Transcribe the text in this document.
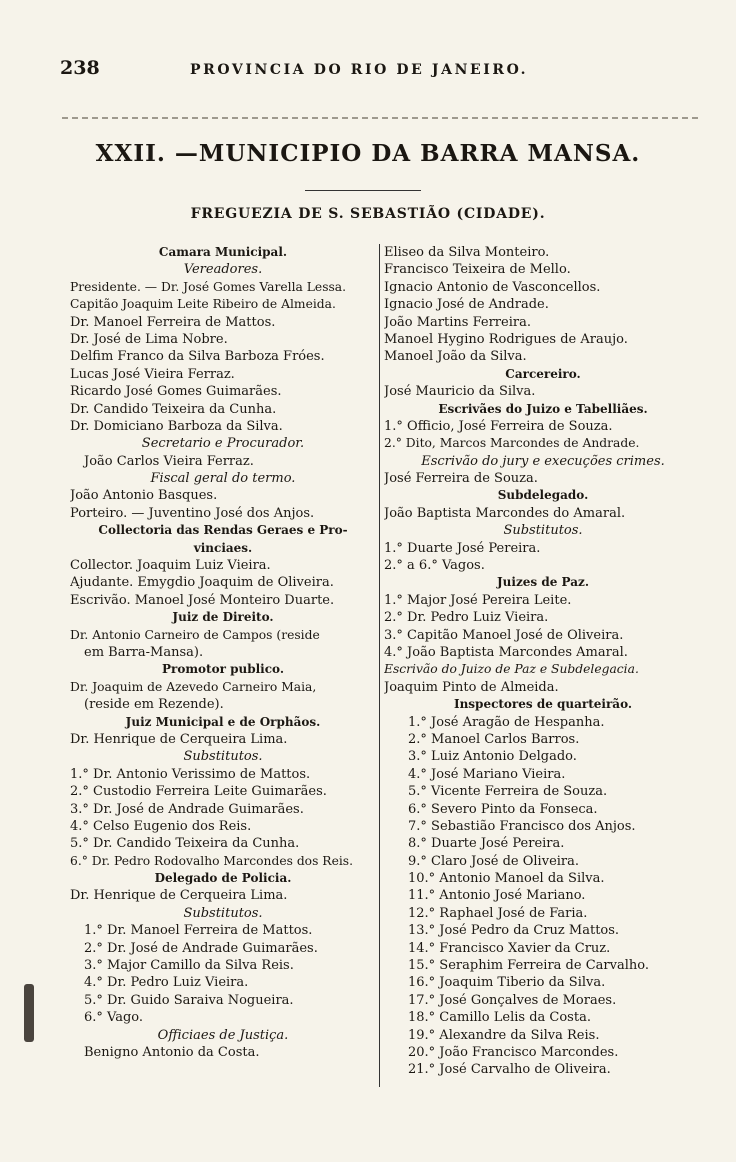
238	PROVINCIA DO RIO DE JANEIRO.
XXII. —MUNICIPIO DA BARRA MANSA.
FREGUEZIA DE S. SEBASTIÃO (CIDADE).
Camara Municipal.
Vereadores.
Presidente. — Dr. José Gomes Varella Lessa.
Capitão Joaquim Leite Ribeiro de Almeida.
Dr. Manoel Ferreira de Mattos.
Dr. José de Lima Nobre.
Delfim Franco da Silva Barboza Fróes.
Lucas José Vieira Ferraz.
Ricardo José Gomes Guimarães.
Dr. Candido Teixeira da Cunha.
Dr. Domiciano Barboza da Silva.
Secretario e Procurador.
João Carlos Vieira Ferraz.
Fiscal geral do termo.
João Antonio Basques.
Porteiro. — Juventino José dos Anjos.
Collectoria das Rendas Geraes e Pro-
vinciaes.
Collector. Joaquim Luiz Vieira.
Ajudante. Emygdio Joaquim de Oliveira.
Escrivão. Manoel José Monteiro Duarte.
Juiz de Direito.
Dr. Antonio Carneiro de Campos (reside
em Barra-Mansa).
Promotor publico.
Dr. Joaquim de Azevedo Carneiro Maia,
(reside em Rezende).
Juiz Municipal e de Orphãos.
Dr. Henrique de Cerqueira Lima.
Substitutos.
1.° Dr. Antonio Verissimo de Mattos.
2.° Custodio Ferreira Leite Guimarães.
3.° Dr. José de Andrade Guimarães.
4.° Celso Eugenio dos Reis.
5.° Dr. Candido Teixeira da Cunha.
6.° Dr. Pedro Rodovalho Marcondes dos Reis.
Delegado de Policia.
Dr. Henrique de Cerqueira Lima.
Substitutos.
1.° Dr. Manoel Ferreira de Mattos.
2.° Dr. José de Andrade Guimarães.
3.° Major Camillo da Silva Reis.
4.° Dr. Pedro Luiz Vieira.
5.° Dr. Guido Saraiva Nogueira.
6.° Vago.
Officiaes de Justiça.
Benigno Antonio da Costa.
Eliseo da Silva Monteiro.
Francisco Teixeira de Mello.
Ignacio Antonio de Vasconcellos.
Ignacio José de Andrade.
João Martins Ferreira.
Manoel Hygino Rodrigues de Araujo.
Manoel João da Silva.
Carcereiro.
José Mauricio da Silva.
Escrivães do Juizo e Tabelliães.
1.° Officio, José Ferreira de Souza.
2.° Dito, Marcos Marcondes de Andrade.
Escrivão do jury e execuções crimes.
José Ferreira de Souza.
Subdelegado.
João Baptista Marcondes do Amaral.
Substitutos.
1.° Duarte José Pereira.
2.° a 6.° Vagos.
Juizes de Paz.
1.° Major José Pereira Leite.
2.° Dr. Pedro Luiz Vieira.
3.° Capitão Manoel José de Oliveira.
4.° João Baptista Marcondes Amaral.
Escrivão do Juizo de Paz e Subdelegacia.
Joaquim Pinto de Almeida.
Inspectores de quarteirão.
1.° José Aragão de Hespanha.
2.° Manoel Carlos Barros.
3.° Luiz Antonio Delgado.
4.° José Mariano Vieira.
5.° Vicente Ferreira de Souza.
6.° Severo Pinto da Fonseca.
7.° Sebastião Francisco dos Anjos.
8.° Duarte José Pereira.
9.° Claro José de Oliveira.
10.° Antonio Manoel da Silva.
11.° Antonio José Mariano.
12.° Raphael José de Faria.
13.° José Pedro da Cruz Mattos.
14.° Francisco Xavier da Cruz.
15.° Seraphim Ferreira de Carvalho.
16.° Joaquim Tiberio da Silva.
17.° José Gonçalves de Moraes.
18.° Camillo Lelis da Costa.
19.° Alexandre da Silva Reis.
20.° João Francisco Marcondes.
21.° José Carvalho de Oliveira.
